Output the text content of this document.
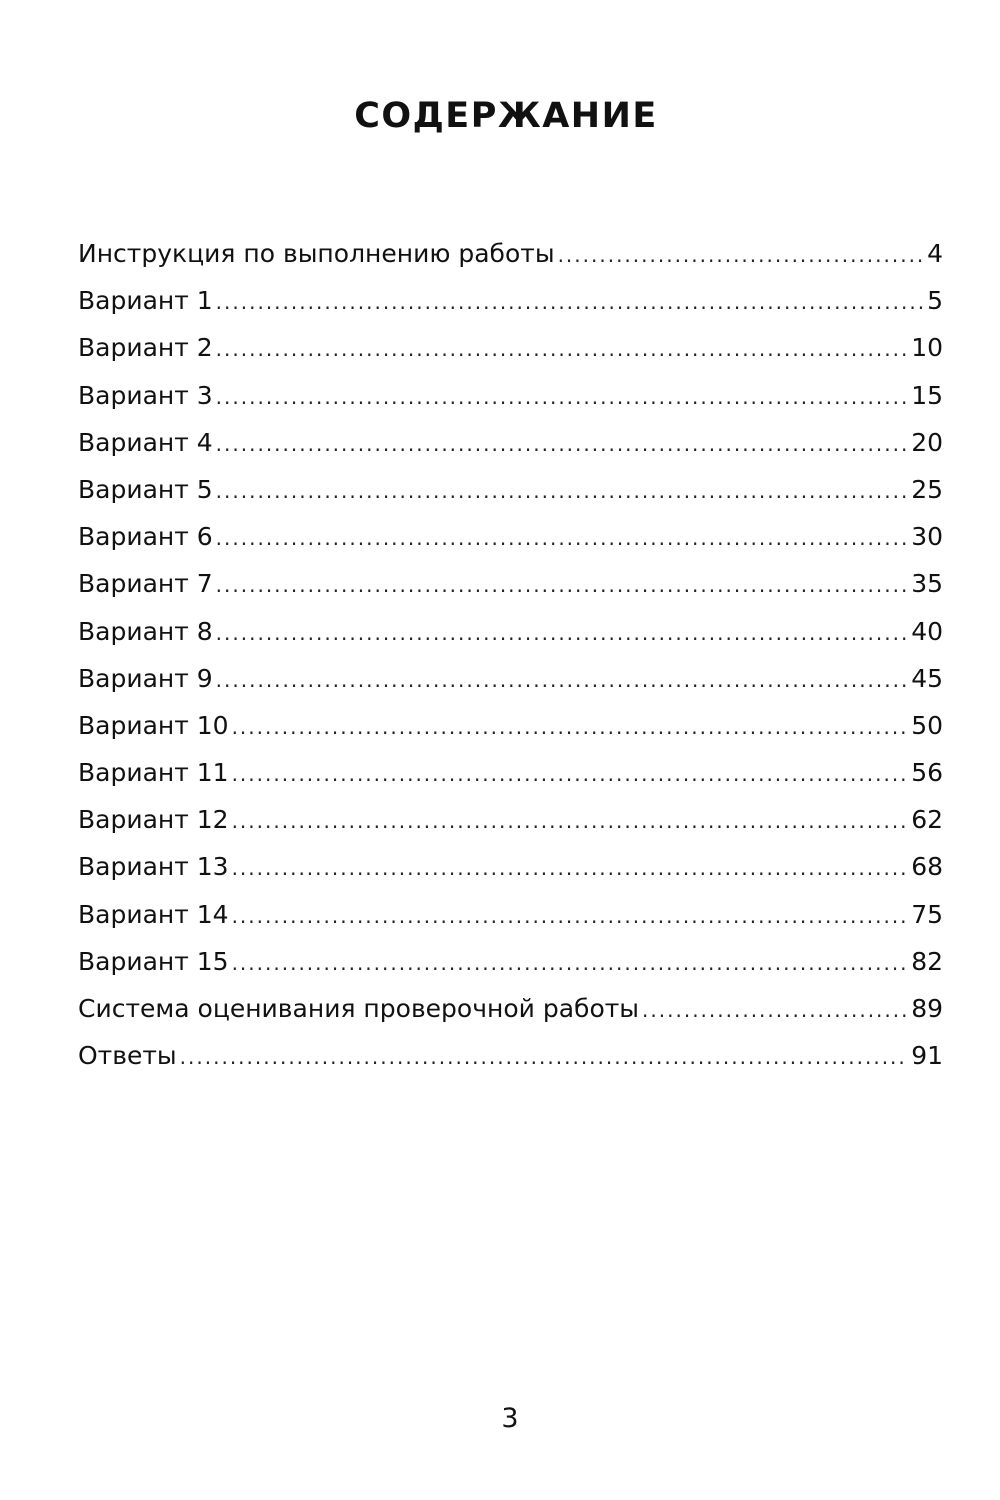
СОДЕРЖАНИЕ
Инструкция по выполнению работы .....	4
Вариант 1 .....	5
Вариант 2 .....	10
Вариант 3 .....	15
Вариант 4 .....	20
Вариант 5 .....	25
Вариант 6 .....	30
Вариант 7 .....	35
Вариант 8 .....	40
Вариант 9 .....	45
Вариант 10 .....	50
Вариант 11 .....	56
Вариант 12 .....	62
Вариант 13 .....	68
Вариант 14 .....	75
Вариант 15 .....	82
Система оценивания проверочной работы .....	89
Ответы .....	91
3
